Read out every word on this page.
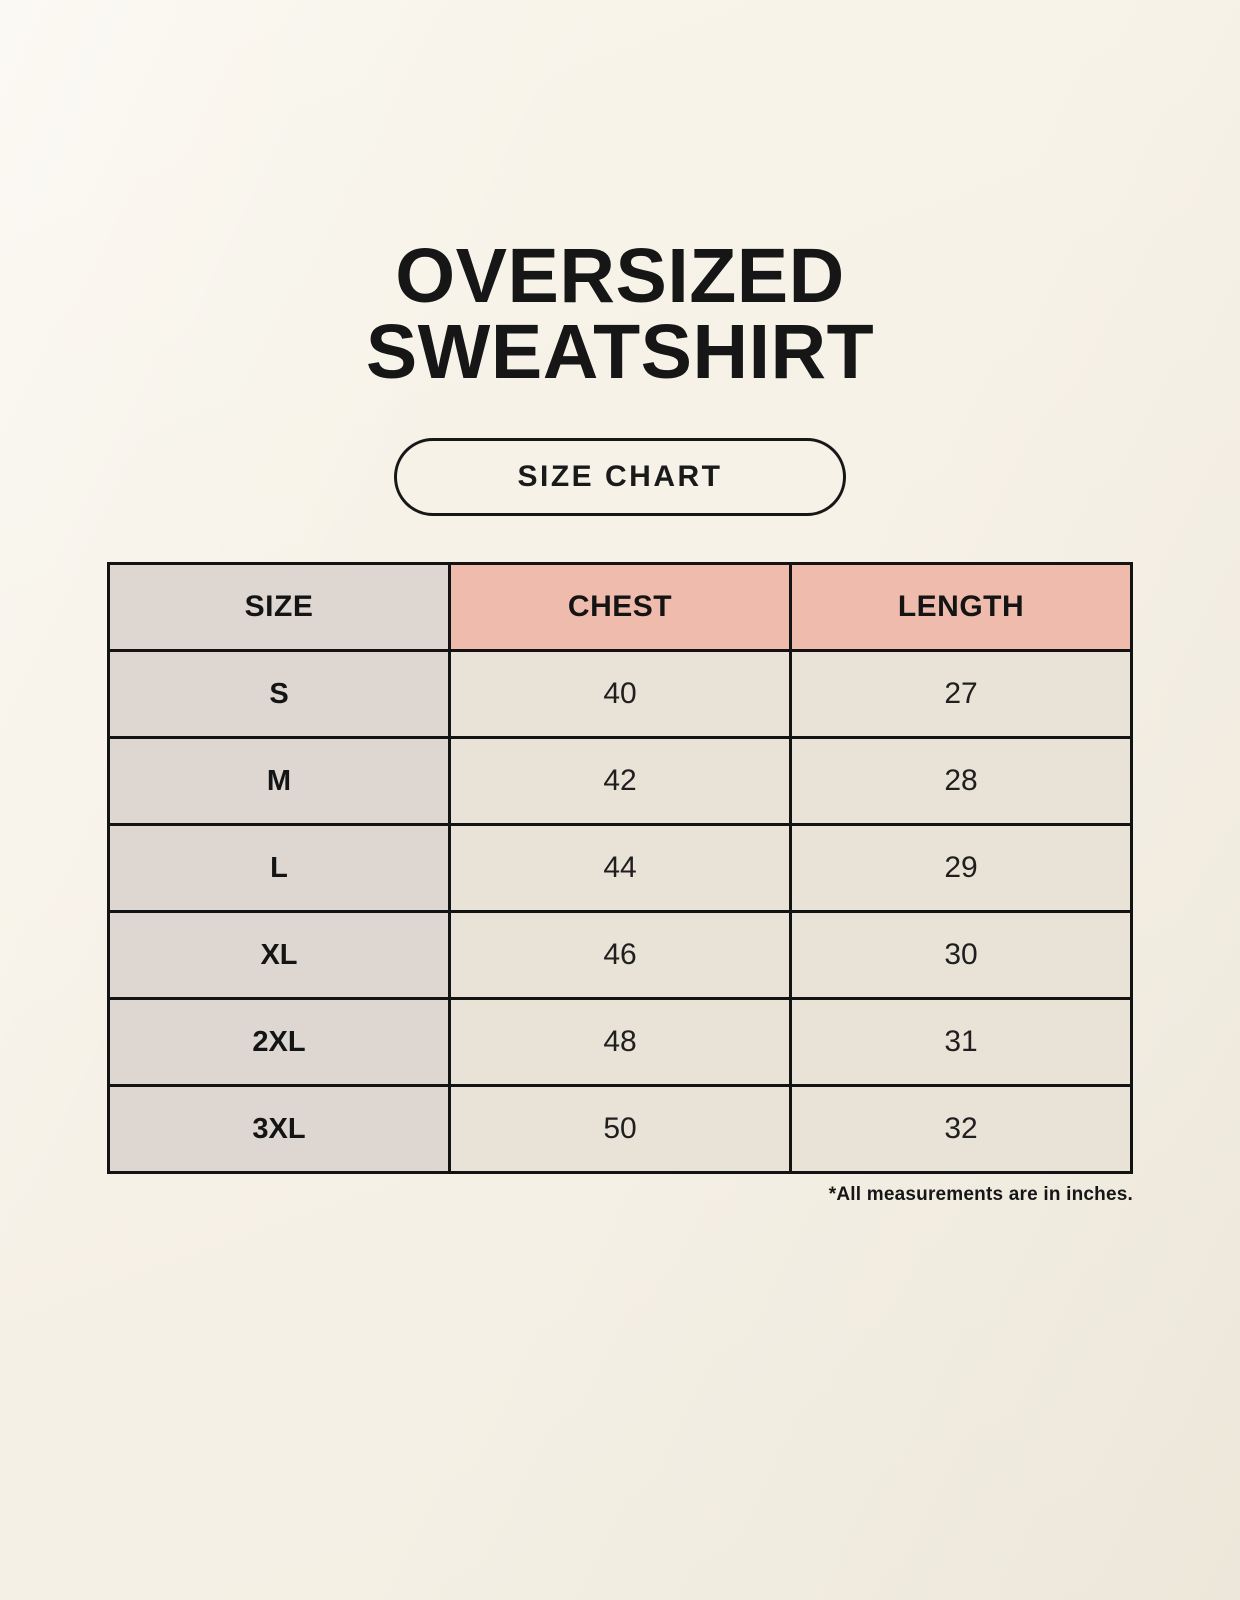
OVERSIZED
SWEATSHIRT
SIZE CHART
SIZE	CHEST	LENGTH
S	40	27
M	42	28
L	44	29
XL	46	30
2XL	48	31
3XL	50	32

*All measurements are in inches.
